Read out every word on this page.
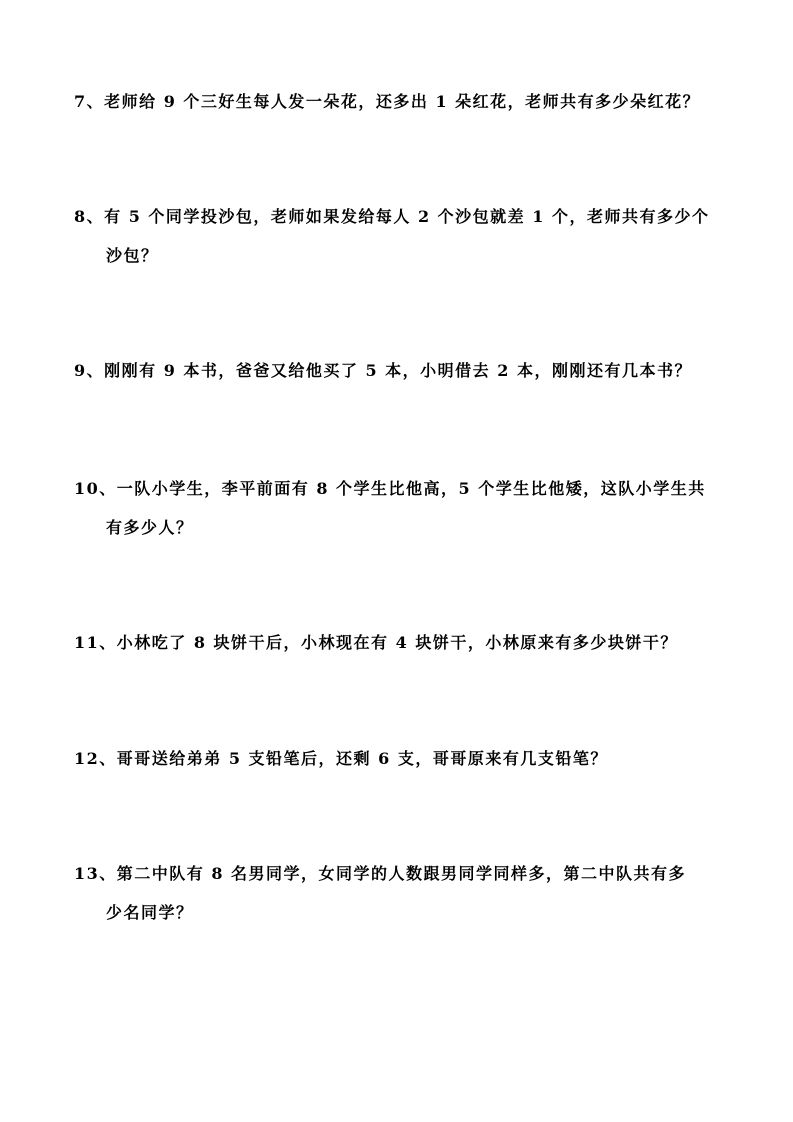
7、老师给 9 个三好生每人发一朵花，还多出 1 朵红花，老师共有多少朵红花？
8、有 5 个同学投沙包，老师如果发给每人 2 个沙包就差 1 个，老师共有多少个
沙包？
9、刚刚有 9 本书，爸爸又给他买了 5 本，小明借去 2 本，刚刚还有几本书？
10、一队小学生，李平前面有 8 个学生比他高，5 个学生比他矮，这队小学生共
有多少人？
11、小林吃了 8 块饼干后，小林现在有 4 块饼干，小林原来有多少块饼干？
12、哥哥送给弟弟 5 支铅笔后，还剩 6 支，哥哥原来有几支铅笔？
13、第二中队有 8 名男同学，女同学的人数跟男同学同样多，第二中队共有多
少名同学？
